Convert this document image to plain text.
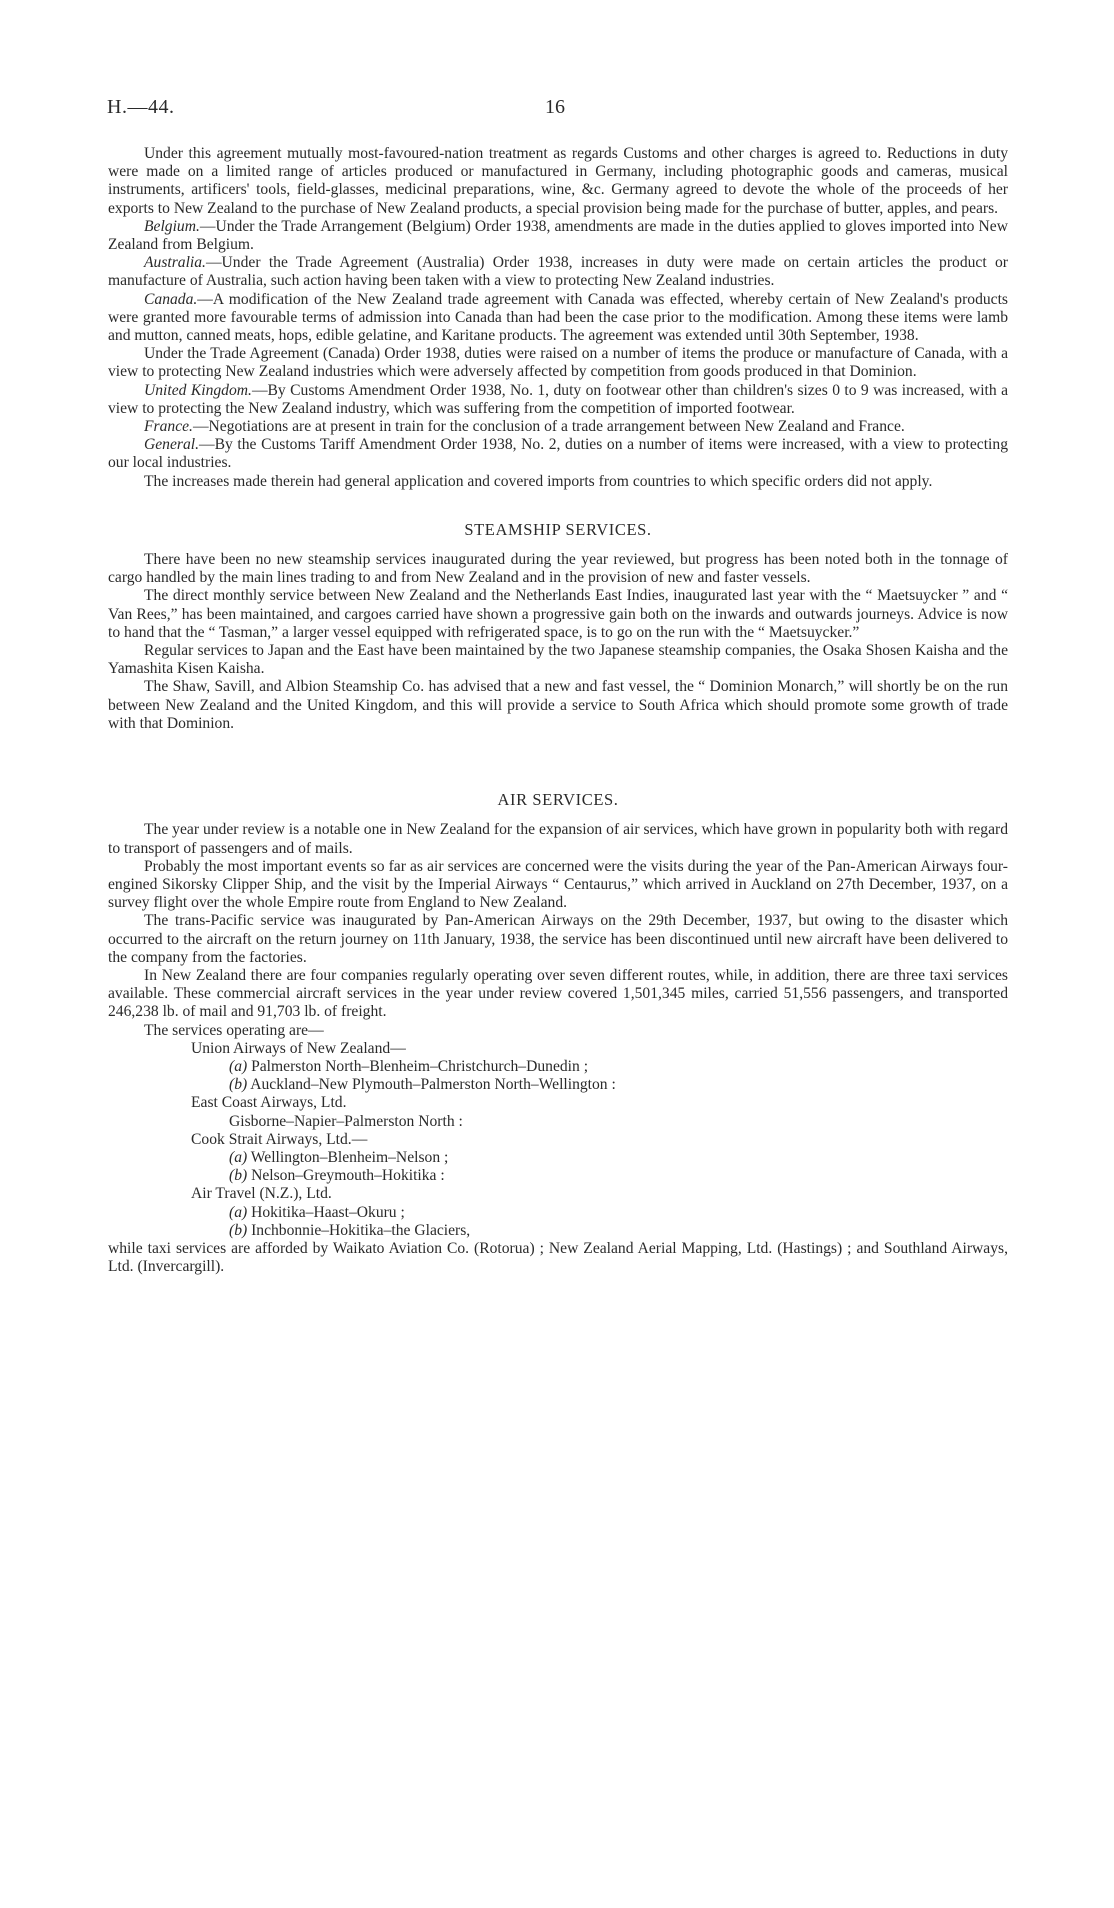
H.—44.	16

Under this agreement mutually most-favoured-nation treatment as regards Customs and other charges is agreed to. Reductions in duty were made on a limited range of articles produced or manufactured in Germany, including photographic goods and cameras, musical instruments, artificers' tools, field-glasses, medicinal preparations, wine, &c. Germany agreed to devote the whole of the proceeds of her exports to New Zealand to the purchase of New Zealand products, a special provision being made for the purchase of butter, apples, and pears.

Belgium.—Under the Trade Arrangement (Belgium) Order 1938, amendments are made in the duties applied to gloves imported into New Zealand from Belgium.

Australia.—Under the Trade Agreement (Australia) Order 1938, increases in duty were made on certain articles the product or manufacture of Australia, such action having been taken with a view to protecting New Zealand industries.

Canada.—A modification of the New Zealand trade agreement with Canada was effected, whereby certain of New Zealand's products were granted more favourable terms of admission into Canada than had been the case prior to the modification. Among these items were lamb and mutton, canned meats, hops, edible gelatine, and Karitane products. The agreement was extended until 30th September, 1938.

Under the Trade Agreement (Canada) Order 1938, duties were raised on a number of items the produce or manufacture of Canada, with a view to protecting New Zealand industries which were adversely affected by competition from goods produced in that Dominion.

United Kingdom.—By Customs Amendment Order 1938, No. 1, duty on footwear other than children's sizes 0 to 9 was increased, with a view to protecting the New Zealand industry, which was suffering from the competition of imported footwear.

France.—Negotiations are at present in train for the conclusion of a trade arrangement between New Zealand and France.

General.—By the Customs Tariff Amendment Order 1938, No. 2, duties on a number of items were increased, with a view to protecting our local industries.

The increases made therein had general application and covered imports from countries to which specific orders did not apply.

STEAMSHIP SERVICES.

There have been no new steamship services inaugurated during the year reviewed, but progress has been noted both in the tonnage of cargo handled by the main lines trading to and from New Zealand and in the provision of new and faster vessels.

The direct monthly service between New Zealand and the Netherlands East Indies, inaugurated last year with the “ Maetsuycker ” and “ Van Rees,” has been maintained, and cargoes carried have shown a progressive gain both on the inwards and outwards journeys. Advice is now to hand that the “ Tasman,” a larger vessel equipped with refrigerated space, is to go on the run with the “ Maetsuycker.”

Regular services to Japan and the East have been maintained by the two Japanese steamship companies, the Osaka Shosen Kaisha and the Yamashita Kisen Kaisha.

The Shaw, Savill, and Albion Steamship Co. has advised that a new and fast vessel, the “ Dominion Monarch,” will shortly be on the run between New Zealand and the United Kingdom, and this will provide a service to South Africa which should promote some growth of trade with that Dominion.

AIR SERVICES.

The year under review is a notable one in New Zealand for the expansion of air services, which have grown in popularity both with regard to transport of passengers and of mails.

Probably the most important events so far as air services are concerned were the visits during the year of the Pan-American Airways four-engined Sikorsky Clipper Ship, and the visit by the Imperial Airways “ Centaurus,” which arrived in Auckland on 27th December, 1937, on a survey flight over the whole Empire route from England to New Zealand.

The trans-Pacific service was inaugurated by Pan-American Airways on the 29th December, 1937, but owing to the disaster which occurred to the aircraft on the return journey on 11th January, 1938, the service has been discontinued until new aircraft have been delivered to the company from the factories.

In New Zealand there are four companies regularly operating over seven different routes, while, in addition, there are three taxi services available. These commercial aircraft services in the year under review covered 1,501,345 miles, carried 51,556 passengers, and transported 246,238 lb. of mail and 91,703 lb. of freight.

The services operating are—

Union Airways of New Zealand—
(a) Palmerston North–Blenheim–Christchurch–Dunedin ;
(b) Auckland–New Plymouth–Palmerston North–Wellington :
East Coast Airways, Ltd.
Gisborne–Napier–Palmerston North :
Cook Strait Airways, Ltd.—
(a) Wellington–Blenheim–Nelson ;
(b) Nelson–Greymouth–Hokitika :
Air Travel (N.Z.), Ltd.
(a) Hokitika–Haast–Okuru ;
(b) Inchbonnie–Hokitika–the Glaciers,

while taxi services are afforded by Waikato Aviation Co. (Rotorua) ; New Zealand Aerial Mapping, Ltd. (Hastings) ; and Southland Airways, Ltd. (Invercargill).
